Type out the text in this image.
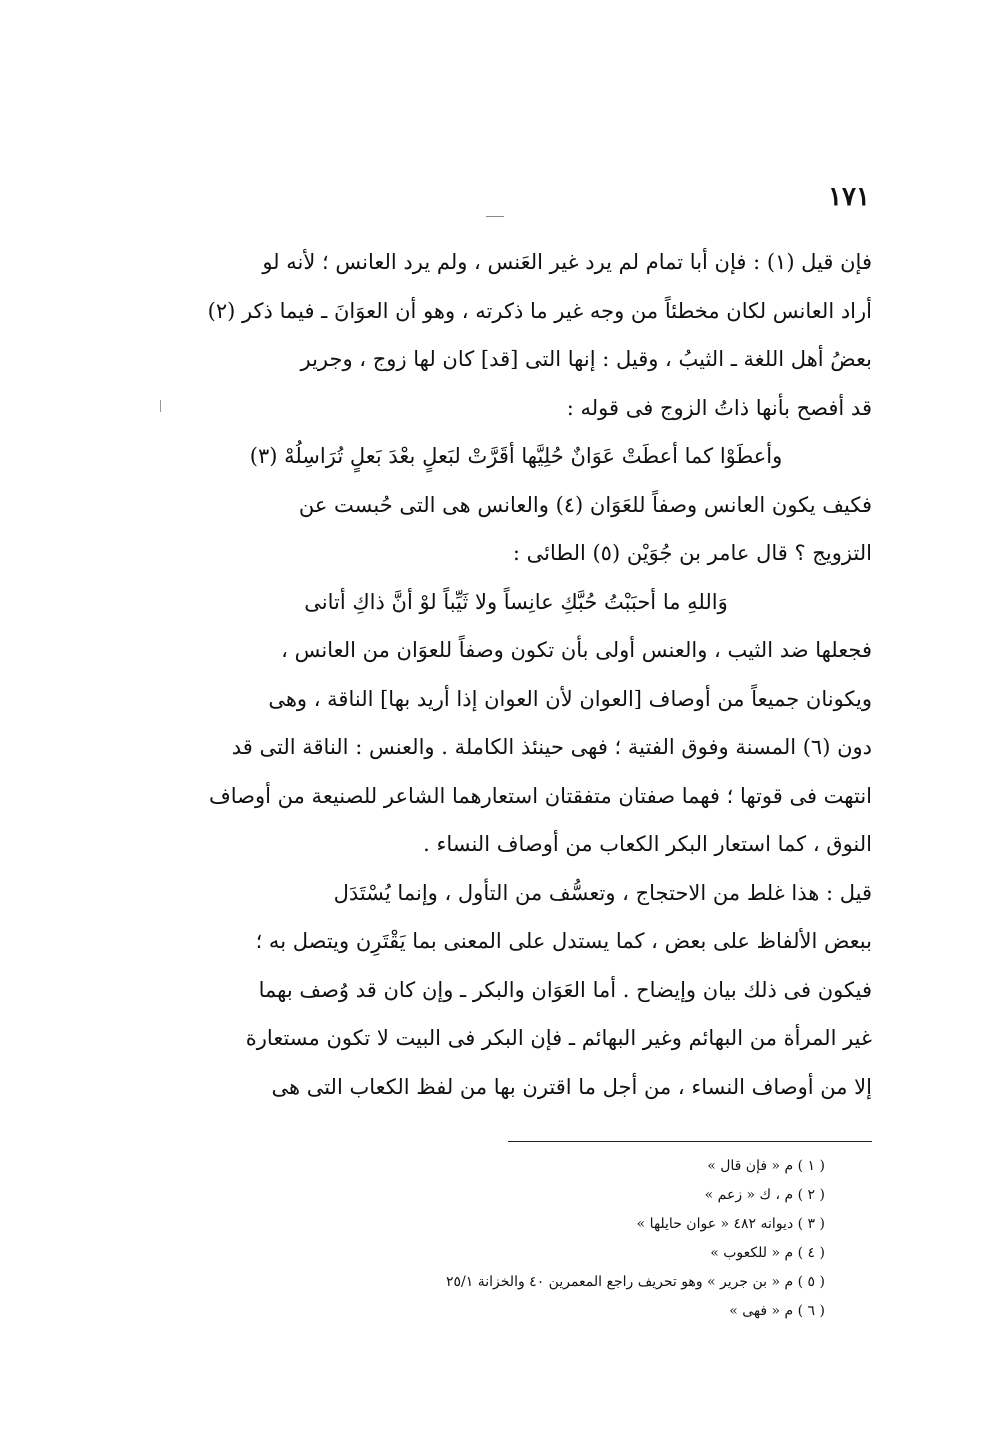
١٧١
فإن قيل (١) : فإن أبا تمام لم يرد غير العَنس ، ولم يرد العانس ؛ لأنه لو
أراد العانس لكان مخطئاً من وجه غير ما ذكرته ، وهو أن العوَانَ ـ فيما ذكر (٢)
بعضُ أهل اللغة ـ الثيبُ ، وقيل : إنها التى [قد] كان لها زوج ، وجرير
قد أفصح بأنها ذاتُ الزوج فى قوله :
وأعطَوْا كما أعطَتْ عَوَانٌ حُلِيَّها أقَرَّتْ لبَعلٍ بعْدَ بَعلٍ تُرَاسِلُهْ (٣)
فكيف يكون العانس وصفاً للعَوَان (٤) والعانس هى التى حُبست عن
التزويج ؟ قال عامر بن جُوَيْن (٥) الطائى :
وَاللهِ ما أحبَبْتُ حُبَّكِ عانِساً ولا ثَيِّباً لوْ أنَّ ذاكِ أتانى
فجعلها ضد الثيب ، والعنس أولى بأن تكون وصفاً للعوَان من العانس ،
ويكونان جميعاً من أوصاف [العوان لأن العوان إذا أريد بها] الناقة ، وهى
دون (٦) المسنة وفوق الفتية ؛ فهى حينئذ الكاملة . والعنس : الناقة التى قد
انتهت فى قوتها ؛ فهما صفتان متفقتان استعارهما الشاعر للصنيعة من أوصاف
النوق ، كما استعار البكر الكعاب من أوصاف النساء .
قيل : هذا غلط من الاحتجاج ، وتعسُّف من التأول ، وإنما يُسْتَدَل
ببعض الألفاظ على بعض ، كما يستدل على المعنى بما يَقْتَرِن ويتصل به ؛
فيكون فى ذلك بيان وإيضاح . أما العَوَان والبكر ـ وإن كان قد وُصف بهما
غير المرأة من البهائم وغير البهائم ـ فإن البكر فى البيت لا تكون مستعارة
إلا من أوصاف النساء ، من أجل ما اقترن بها من لفظ الكعاب التى هى
( ١ ) م « فإن قال »
( ٢ ) م ، ك « زعم »
( ٣ ) ديوانه ٤٨٢ « عوان حايلها »
( ٤ ) م « للكعوب »
( ٥ ) م « بن جرير » وهو تحريف راجع المعمرين ٤٠ والخزانة ٢٥/١
( ٦ ) م « فهى »
